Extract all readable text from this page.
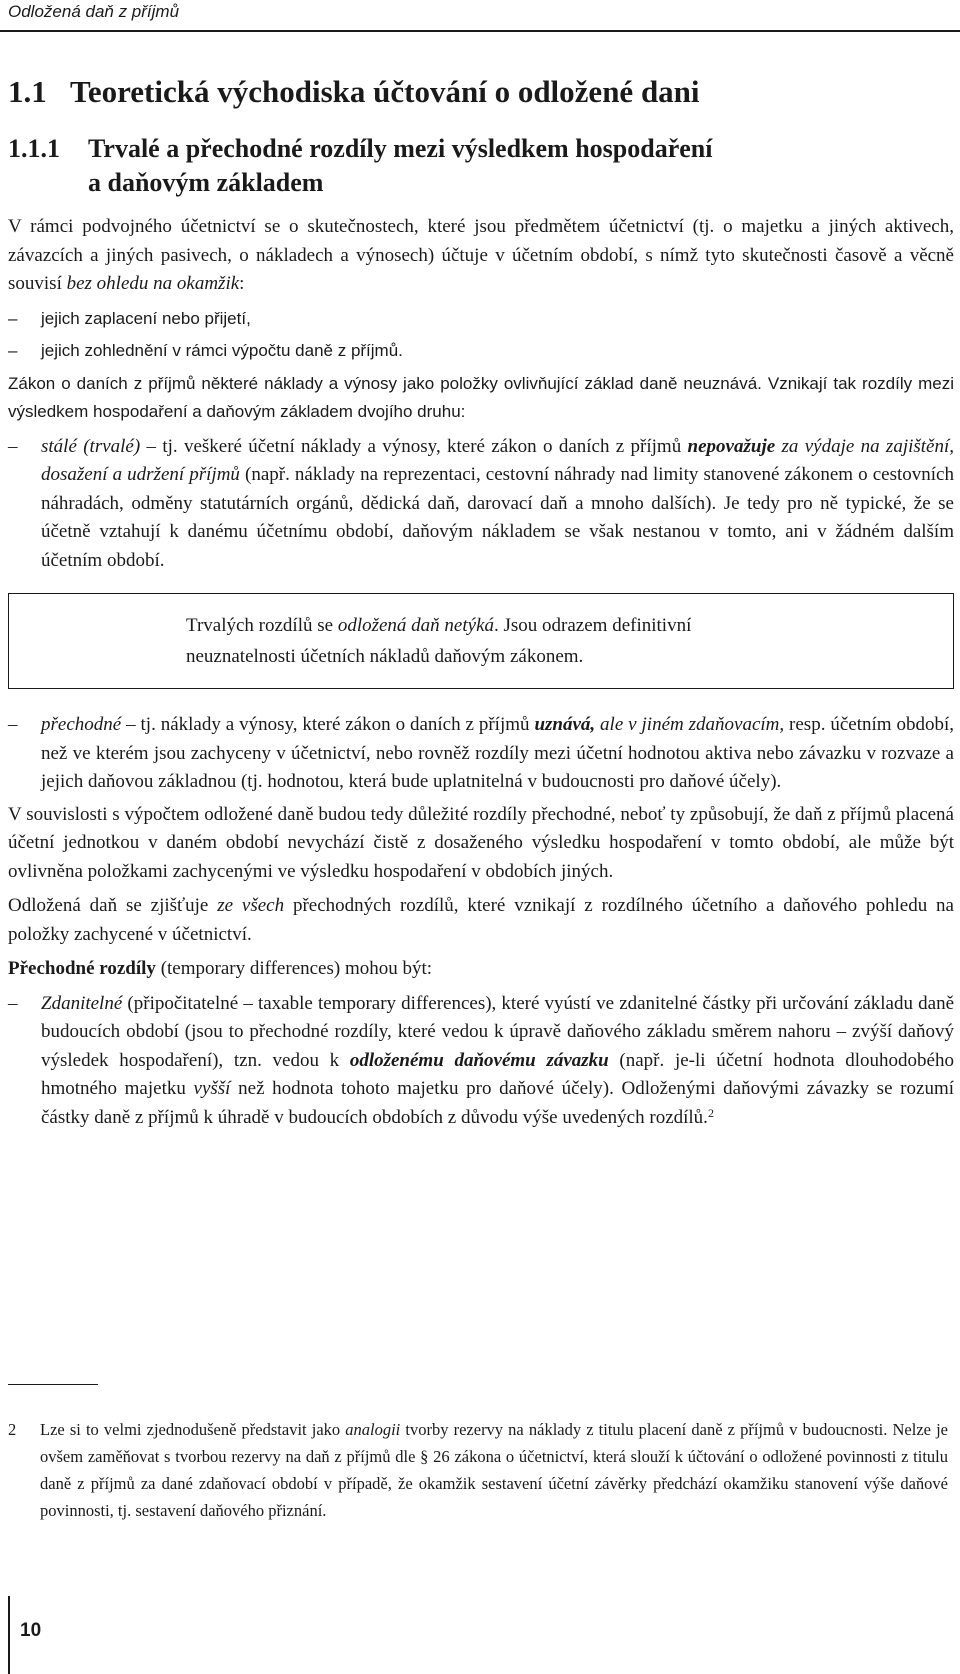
Odložená daň z příjmů
1.1 Teoretická východiska účtování o odložené dani
1.1.1 Trvalé a přechodné rozdíly mezi výsledkem hospodaření a daňovým základem

V rámci podvojného účetnictví se o skutečnostech, které jsou předmětem účetnictví (tj. o majetku a jiných aktivech, závazcích a jiných pasivech, o nákladech a výnosech) účtuje v účetním období, s nímž tyto skutečnosti časově a věcně souvisí bez ohledu na okamžik:

– jejich zaplacení nebo přijetí,
– jejich zohlednění v rámci výpočtu daně z příjmů.

Zákon o daních z příjmů některé náklady a výnosy jako položky ovlivňující základ daně neuznává. Vznikají tak rozdíly mezi výsledkem hospodaření a daňovým základem dvojího druhu:

– stálé (trvalé) – tj. veškeré účetní náklady a výnosy, které zákon o daních z příjmů nepovažuje za výdaje na zajištění, dosažení a udržení příjmů (např. náklady na reprezentaci, cestovní náhrady nad limity stanovené zákonem o cestovních náhradách, odměny statutárních orgánů, dědická daň, darovací daň a mnoho dalších). Je tedy pro ně typické, že se účetně vztahují k danému účetnímu období, daňovým nákladem se však nestanou v tomto, ani v žádném dalším účetním období.
Trvalých rozdílů se odložená daň netýká. Jsou odrazem definitivní neuznatelnosti účetních nákladů daňovým zákonem.
– přechodné – tj. náklady a výnosy, které zákon o daních z příjmů uznává, ale v jiném zdaňovacím, resp. účetním období, než ve kterém jsou zachyceny v účetnictví, nebo rovněž rozdíly mezi účetní hodnotou aktiva nebo závazku v rozvaze a jejich daňovou základnou (tj. hodnotou, která bude uplatnitelná v budoucnosti pro daňové účely).

V souvislosti s výpočtem odložené daně budou tedy důležité rozdíly přechodné, neboť ty způsobují, že daň z příjmů placená účetní jednotkou v daném období nevychází čistě z dosaženého výsledku hospodaření v tomto období, ale může být ovlivněna položkami zachycenými ve výsledku hospodaření v obdobích jiných.

Odložená daň se zjišťuje ze všech přechodných rozdílů, které vznikají z rozdílného účetního a daňového pohledu na položky zachycené v účetnictví.

Přechodné rozdíly (temporary differences) mohou být:

– Zdanitelné (připočitatelné – taxable temporary differences), které vyústí ve zdanitelné částky při určování základu daně budoucích období (jsou to přechodné rozdíly, které vedou k úpravě daňového základu směrem nahoru – zvýší daňový výsledek hospodaření), tzn. vedou k odloženému daňovému závazku (např. je-li účetní hodnota dlouhodobého hmotného majetku vyšší než hodnota tohoto majetku pro daňové účely). Odloženými daňovými závazky se rozumí částky daně z příjmů k úhradě v budoucích obdobích z důvodu výše uvedených rozdílů.$^2$
2 Lze si to velmi zjednodušeně představit jako analogii tvorby rezervy na náklady z titulu placení daně z příjmů v budoucnosti. Nelze je ovšem zaměňovat s tvorbou rezervy na daň z příjmů dle § 26 zákona o účetnictví, která slouží k účtování o odložené povinnosti z titulu daně z příjmů za dané zdaňovací období v případě, že okamžik sestavení účetní závěrky předchází okamžiku stanovení výše daňové povinnosti, tj. sestavení daňového přiznání.
10
